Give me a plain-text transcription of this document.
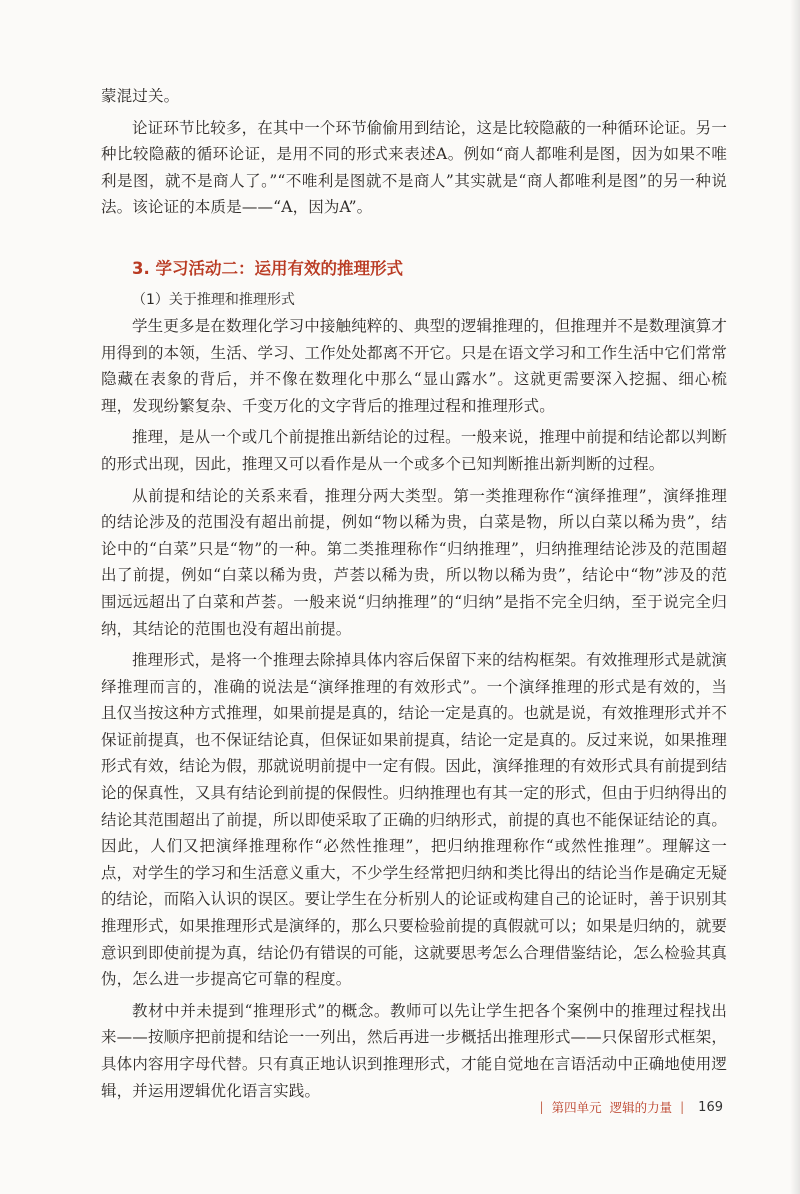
蒙混过关。

论证环节比较多，在其中一个环节偷偷用到结论，这是比较隐蔽的一种循环论证。另一种比较隐蔽的循环论证，是用不同的形式来表述A。例如“商人都唯利是图，因为如果不唯利是图，就不是商人了。”“不唯利是图就不是商人”其实就是“商人都唯利是图”的另一种说法。该论证的本质是——“A，因为A”。

3. 学习活动二：运用有效的推理形式
（1）关于推理和推理形式

学生更多是在数理化学习中接触纯粹的、典型的逻辑推理的，但推理并不是数理演算才用得到的本领，生活、学习、工作处处都离不开它。只是在语文学习和工作生活中它们常常隐藏在表象的背后，并不像在数理化中那么“显山露水”。这就更需要深入挖掘、细心梳理，发现纷繁复杂、千变万化的文字背后的推理过程和推理形式。

推理，是从一个或几个前提推出新结论的过程。一般来说，推理中前提和结论都以判断的形式出现，因此，推理又可以看作是从一个或多个已知判断推出新判断的过程。

从前提和结论的关系来看，推理分两大类型。第一类推理称作“演绎推理”，演绎推理的结论涉及的范围没有超出前提，例如“物以稀为贵，白菜是物，所以白菜以稀为贵”，结论中的“白菜”只是“物”的一种。第二类推理称作“归纳推理”，归纳推理结论涉及的范围超出了前提，例如“白菜以稀为贵，芦荟以稀为贵，所以物以稀为贵”，结论中“物”涉及的范围远远超出了白菜和芦荟。一般来说“归纳推理”的“归纳”是指不完全归纳，至于说完全归纳，其结论的范围也没有超出前提。

推理形式，是将一个推理去除掉具体内容后保留下来的结构框架。有效推理形式是就演绎推理而言的，准确的说法是“演绎推理的有效形式”。一个演绎推理的形式是有效的，当且仅当按这种方式推理，如果前提是真的，结论一定是真的。也就是说，有效推理形式并不保证前提真，也不保证结论真，但保证如果前提真，结论一定是真的。反过来说，如果推理形式有效，结论为假，那就说明前提中一定有假。因此，演绎推理的有效形式具有前提到结论的保真性，又具有结论到前提的保假性。归纳推理也有其一定的形式，但由于归纳得出的结论其范围超出了前提，所以即使采取了正确的归纳形式，前提的真也不能保证结论的真。因此，人们又把演绎推理称作“必然性推理”，把归纳推理称作“或然性推理”。理解这一点，对学生的学习和生活意义重大，不少学生经常把归纳和类比得出的结论当作是确定无疑的结论，而陷入认识的误区。要让学生在分析别人的论证或构建自己的论证时，善于识别其推理形式，如果推理形式是演绎的，那么只要检验前提的真假就可以；如果是归纳的，就要意识到即使前提为真，结论仍有错误的可能，这就要思考怎么合理借鉴结论，怎么检验其真伪，怎么进一步提高它可靠的程度。

教材中并未提到“推理形式”的概念。教师可以先让学生把各个案例中的推理过程找出来——按顺序把前提和结论一一列出，然后再进一步概括出推理形式——只保留形式框架，具体内容用字母代替。只有真正地认识到推理形式，才能自觉地在言语活动中正确地使用逻辑，并运用逻辑优化语言实践。

| 第四单元 逻辑的力量 | 169
